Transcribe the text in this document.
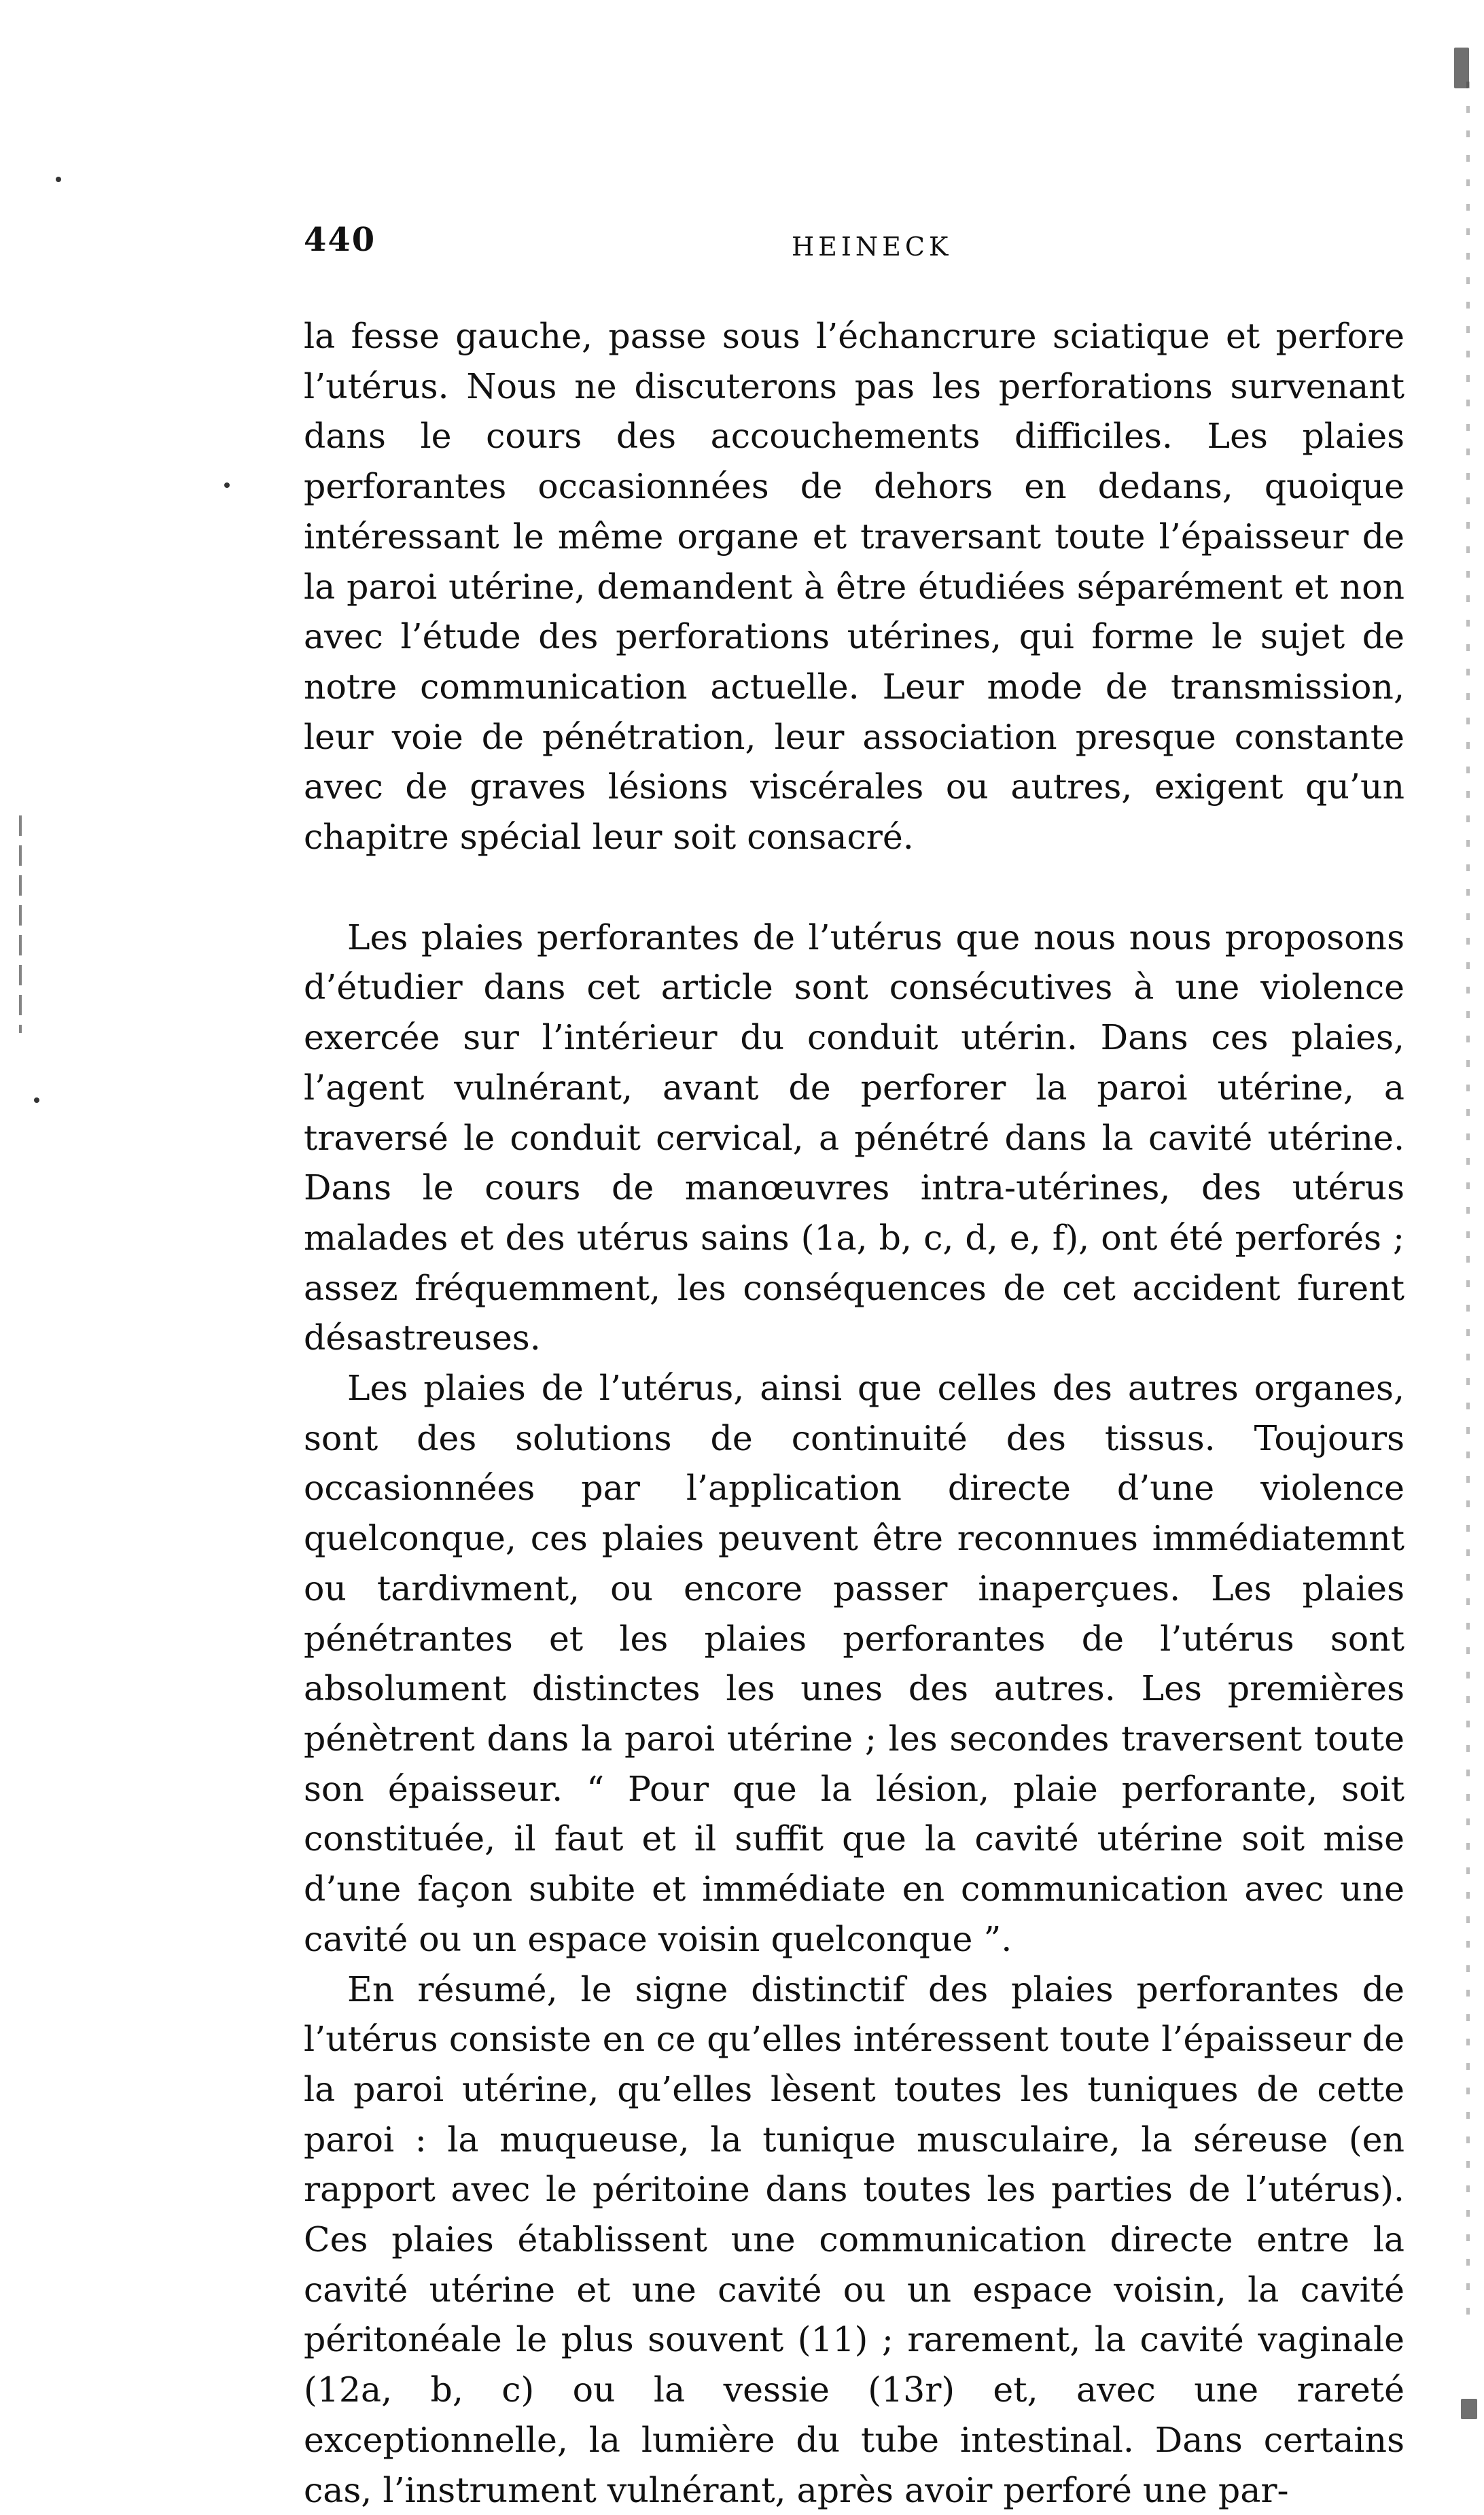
440	HEINECK

la fesse gauche, passe sous l’échancrure sciatique et perfore l’utérus. Nous ne discuterons pas les perforations survenant dans le cours des accouchements difficiles. Les plaies perforantes occasionnées de dehors en dedans, quoique intéressant le même organe et traversant toute l’épaisseur de la paroi utérine, demandent à être étudiées séparément et non avec l’étude des perforations utérines, qui forme le sujet de notre communication actuelle. Leur mode de transmission, leur voie de pénétration, leur association presque constante avec de graves lésions viscérales ou autres, exigent qu’un chapitre spécial leur soit consacré.

Les plaies perforantes de l’utérus que nous nous proposons d’étudier dans cet article sont consécutives à une violence exercée sur l’intérieur du conduit utérin. Dans ces plaies, l’agent vulnérant, avant de perforer la paroi utérine, a traversé le conduit cervical, a pénétré dans la cavité utérine. Dans le cours de manœuvres intra-utérines, des utérus malades et des utérus sains (1a, b, c, d, e, f), ont été perforés ; assez fréquemment, les conséquences de cet accident furent désastreuses.

Les plaies de l’utérus, ainsi que celles des autres organes, sont des solutions de continuité des tissus. Toujours occasionnées par l’application directe d’une violence quelconque, ces plaies peuvent être reconnues immédiatemnt ou tardivment, ou encore passer inaperçues. Les plaies pénétrantes et les plaies perforantes de l’utérus sont absolument distinctes les unes des autres. Les premières pénètrent dans la paroi utérine ; les secondes traversent toute son épaisseur. “ Pour que la lésion, plaie perforante, soit constituée, il faut et il suffit que la cavité utérine soit mise d’une façon subite et immédiate en communication avec une cavité ou un espace voisin quelconque ”.

En résumé, le signe distinctif des plaies perforantes de l’utérus consiste en ce qu’elles intéressent toute l’épaisseur de la paroi utérine, qu’elles lèsent toutes les tuniques de cette paroi : la muqueuse, la tunique musculaire, la séreuse (en rapport avec le péritoine dans toutes les parties de l’utérus). Ces plaies établissent une communication directe entre la cavité utérine et une cavité ou un espace voisin, la cavité péritonéale le plus souvent (11) ; rarement, la cavité vaginale (12a, b, c) ou la vessie (13r) et, avec une rareté exceptionnelle, la lumière du tube intestinal. Dans certains cas, l’instrument vulnérant, après avoir perforé une par-
